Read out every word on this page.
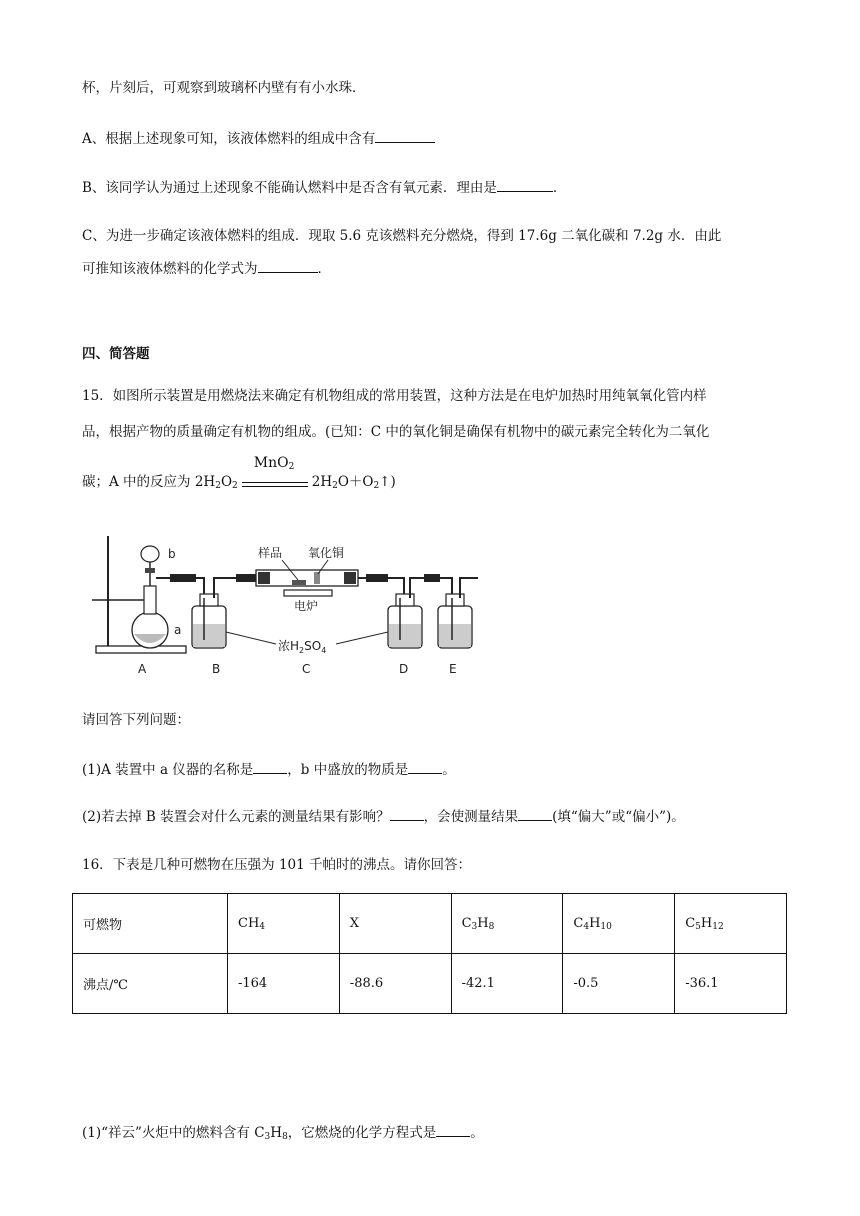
杯，片刻后，可观察到玻璃杯内壁有有小水珠．
A、根据上述现象可知，该液体燃料的组成中含有
B、该同学认为通过上述现象不能确认燃料中是否含有氧元素．理由是	．
C、为进一步确定该液体燃料的组成．现取 5.6 克该燃料充分燃烧，得到 17.6g 二氧化碳和 7.2g 水．由此
可推知该液体燃料的化学式为	．
四、简答题
15．如图所示装置是用燃烧法来确定有机物组成的常用装置，这种方法是在电炉加热时用纯氧氧化管内样
品，根据产物的质量确定有机物的组成。(已知：C 中的氧化铜是确保有机物中的碳元素完全转化为二氧化
碳；A 中的反应为 $2H_2O_2$
MnO$_2$
$2H_2O+O_2↑$)
b
a
样品 氧化铜
电炉
浓$H_2SO_4$
A	B	C	D	E
请回答下列问题：
(1)A 装置中 a 仪器的名称是	，b 中盛放的物质是	。
(2)若去掉 B 装置会对什么元素的测量结果有影响？	，会使测量结果	(填“偏大”或“偏小”)。
16．下表是几种可燃物在压强为 101 千帕时的沸点。请你回答：
可燃物	$CH_4$	X	$C_3H_8$	$C_4H_{10}$	$C_5H_{12}$
沸点/℃	-164	-88.6	-42.1	-0.5	-36.1
(1)“祥云”火炬中的燃料含有 $C_3H_8$，它燃烧的化学方程式是	。
